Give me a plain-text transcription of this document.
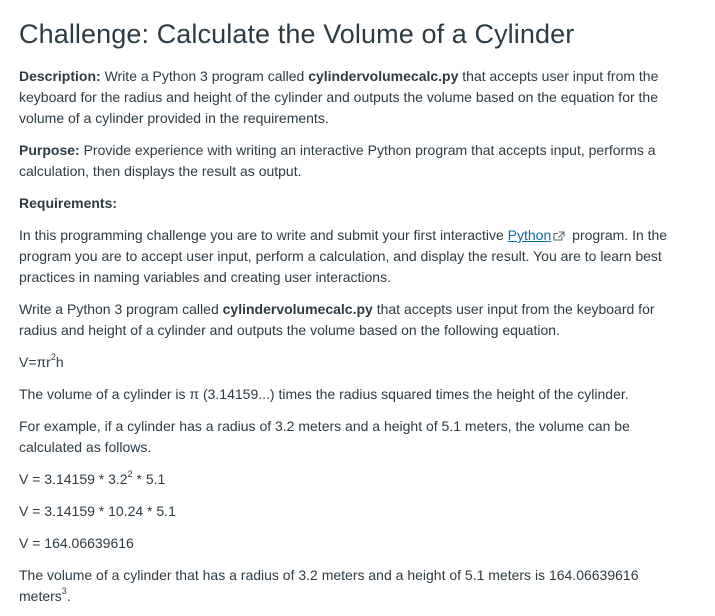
Challenge: Calculate the Volume of a Cylinder

Description: Write a Python 3 program called cylindervolumecalc.py that accepts user input from the keyboard for the radius and height of the cylinder and outputs the volume based on the equation for the volume of a cylinder provided in the requirements.

Purpose: Provide experience with writing an interactive Python program that accepts input, performs a calculation, then displays the result as output.

Requirements:

In this programming challenge you are to write and submit your first interactive Python program. In the program you are to accept user input, perform a calculation, and display the result. You are to learn best practices in naming variables and creating user interactions.

Write a Python 3 program called cylindervolumecalc.py that accepts user input from the keyboard for radius and height of a cylinder and outputs the volume based on the following equation.

$V=\pi r^2h$

The volume of a cylinder is π (3.14159...) times the radius squared times the height of the cylinder.

For example, if a cylinder has a radius of 3.2 meters and a height of 5.1 meters, the volume can be calculated as follows.

$V = 3.14159 * 3.2^2 * 5.1$

V = 3.14159 * 10.24 * 5.1

V = 164.06639616

The volume of a cylinder that has a radius of 3.2 meters and a height of 5.1 meters is 164.06639616 meters$^3$.
